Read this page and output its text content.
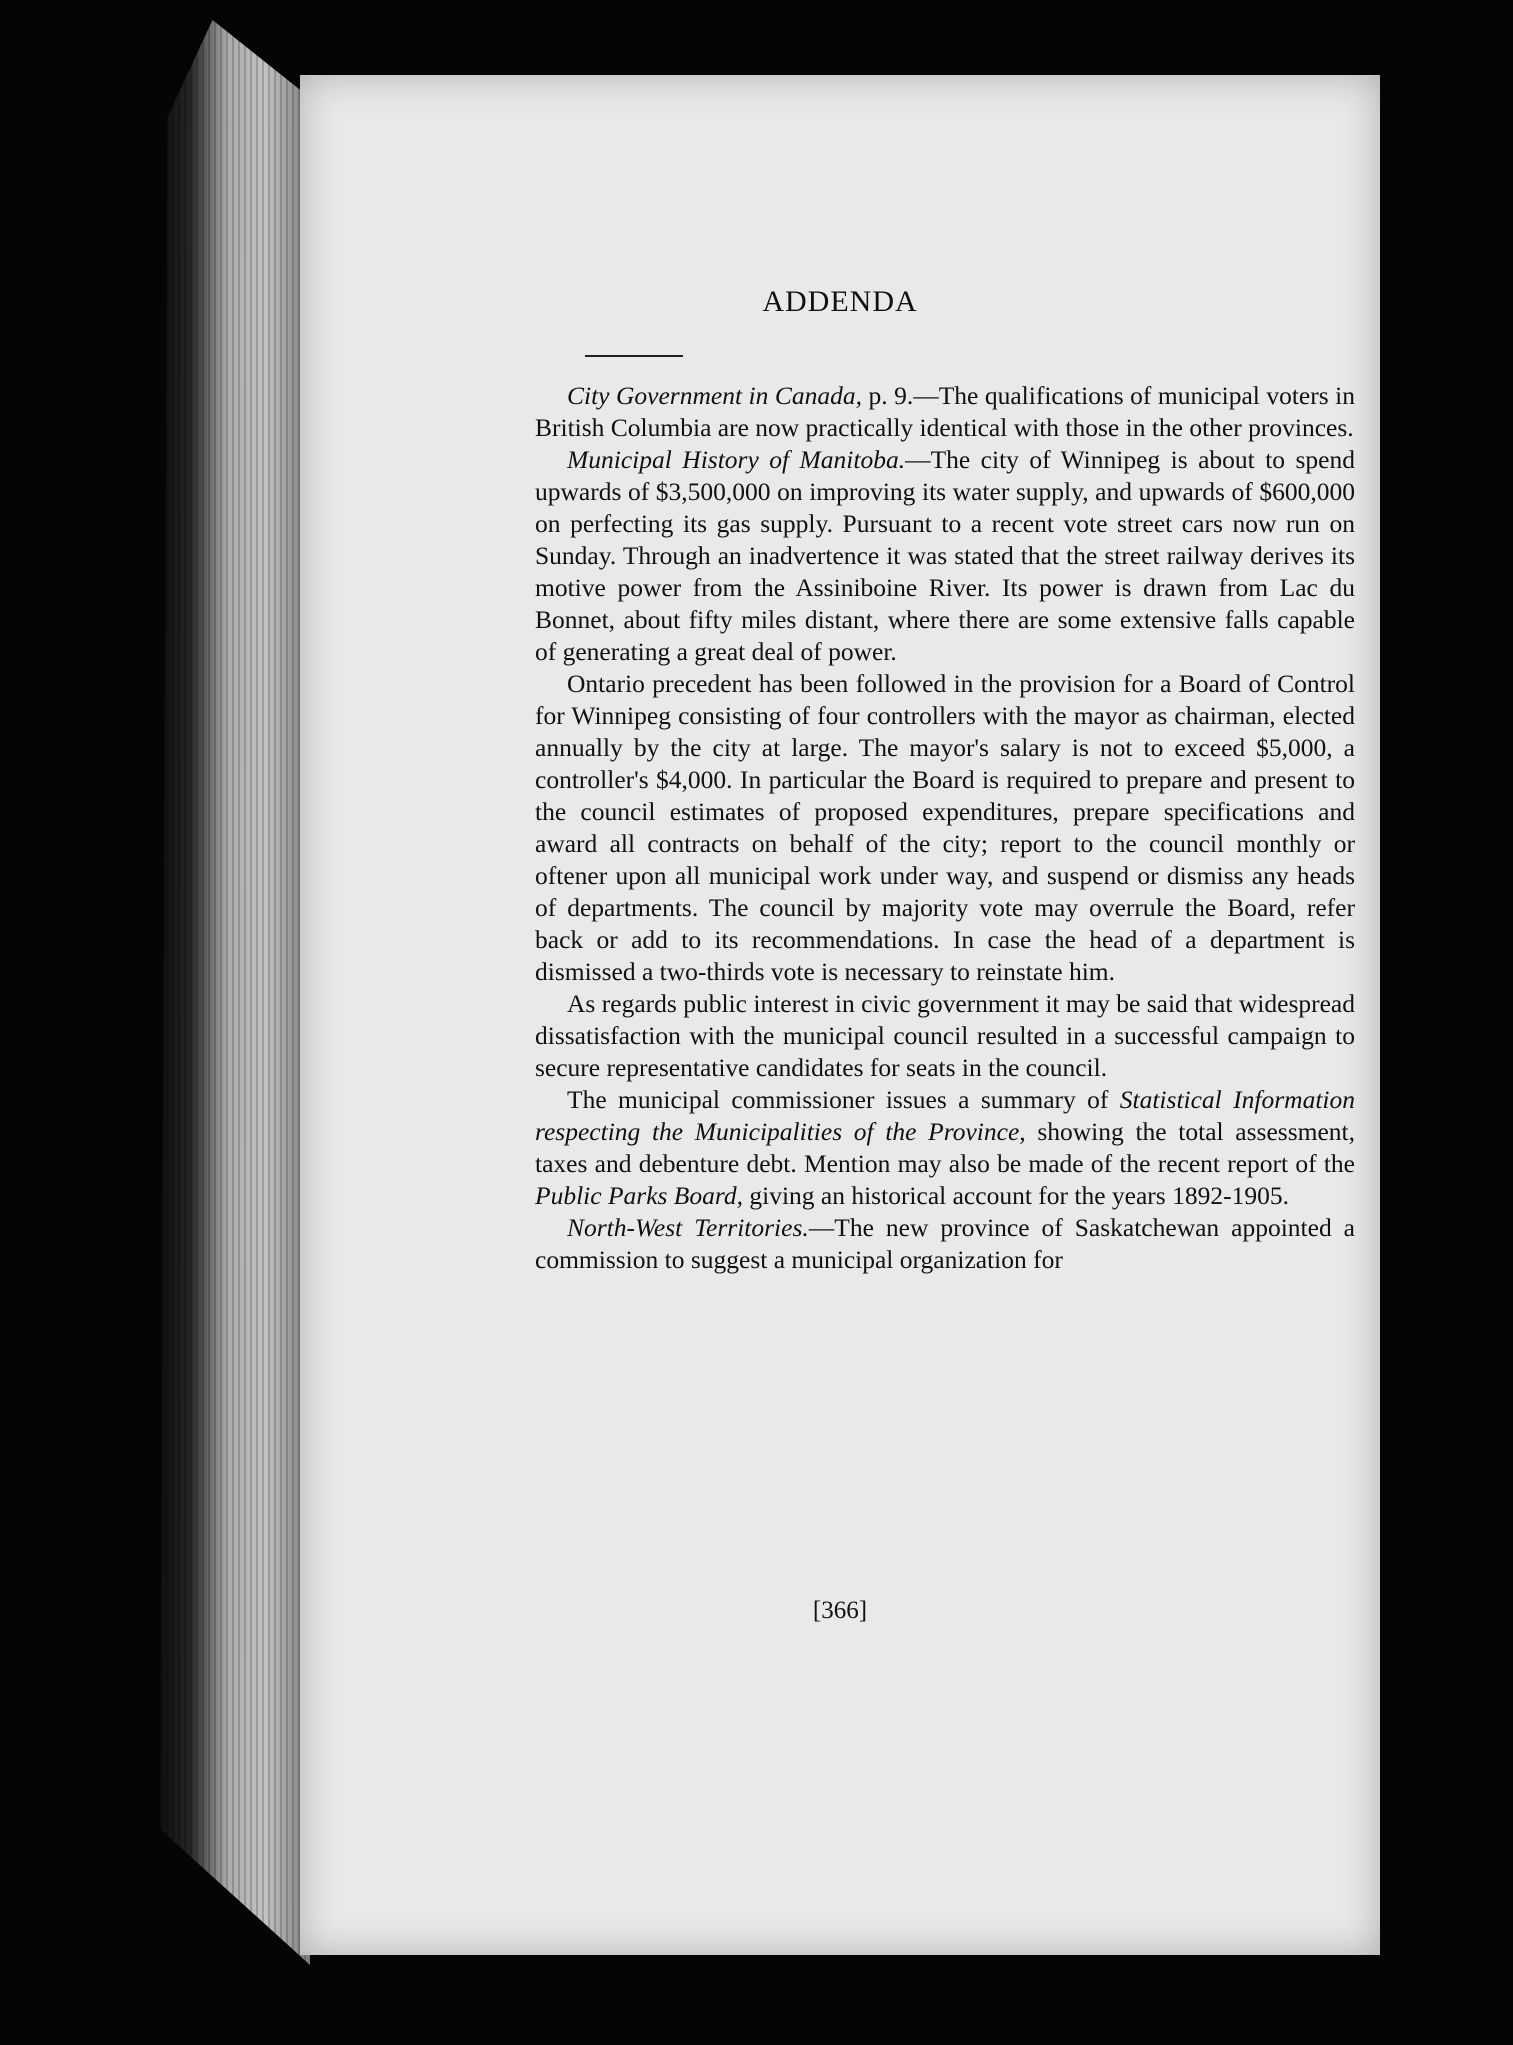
ADDENDA

City Government in Canada, p. 9.—The qualifications of municipal voters in British Columbia are now practically identical with those in the other provinces.

Municipal History of Manitoba.—The city of Winnipeg is about to spend upwards of $3,500,000 on improving its water supply, and upwards of $600,000 on perfecting its gas supply. Pursuant to a recent vote street cars now run on Sunday. Through an inadvertence it was stated that the street railway derives its motive power from the Assiniboine River. Its power is drawn from Lac du Bonnet, about fifty miles distant, where there are some extensive falls capable of generating a great deal of power.

Ontario precedent has been followed in the provision for a Board of Control for Winnipeg consisting of four controllers with the mayor as chairman, elected annually by the city at large. The mayor's salary is not to exceed $5,000, a controller's $4,000. In particular the Board is required to prepare and present to the council estimates of proposed expenditures, prepare specifications and award all contracts on behalf of the city; report to the council monthly or oftener upon all municipal work under way, and suspend or dismiss any heads of departments. The council by majority vote may overrule the Board, refer back or add to its recommendations. In case the head of a department is dismissed a two-thirds vote is necessary to reinstate him.

As regards public interest in civic government it may be said that widespread dissatisfaction with the municipal council resulted in a successful campaign to secure representative candidates for seats in the council.

The municipal commissioner issues a summary of Statistical Information respecting the Municipalities of the Province, showing the total assessment, taxes and debenture debt. Mention may also be made of the recent report of the Public Parks Board, giving an historical account for the years 1892-1905.

North-West Territories.—The new province of Saskatchewan appointed a commission to suggest a municipal organization for

[366]
